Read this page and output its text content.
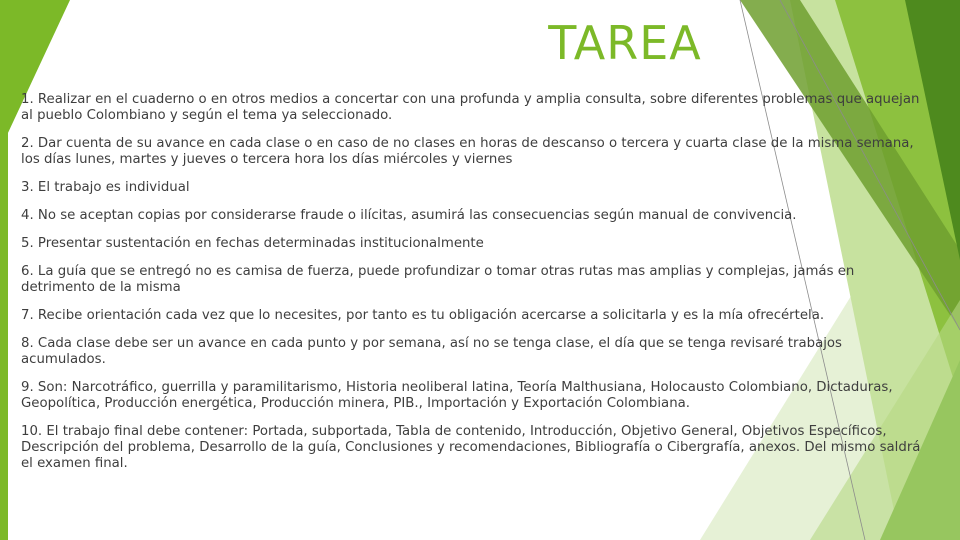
TAREA
1. Realizar en el cuaderno o en otros medios a concertar con una profunda y amplia consulta, sobre diferentes problemas que aquejan al pueblo Colombiano y según el tema ya seleccionado.
2. Dar cuenta de su avance en cada clase o en caso de no clases en horas de descanso o tercera y cuarta clase de la misma semana, los días lunes, martes y jueves o tercera hora los días miércoles y viernes
3. El trabajo es individual
4. No se aceptan copias por considerarse fraude o ilícitas, asumirá las consecuencias según manual de convivencia.
5. Presentar sustentación en fechas determinadas institucionalmente
6. La guía que se entregó no es camisa de fuerza, puede profundizar o tomar otras rutas mas amplias y complejas, jamás en detrimento de la misma
7. Recibe orientación cada vez que lo necesites, por tanto es tu obligación acercarse a solicitarla y es la mía ofrecértela.
8. Cada clase debe ser un avance en cada punto y por semana, así no se tenga clase, el día que se tenga revisaré trabajos acumulados.
9. Son: Narcotráfico, guerrilla y paramilitarismo, Historia neoliberal latina, Teoría Malthusiana, Holocausto Colombiano, Dictaduras, Geopolítica, Producción energética, Producción minera, PIB., Importación y Exportación Colombiana.
10. El trabajo final debe contener: Portada, subportada, Tabla de contenido, Introducción, Objetivo General, Objetivos Específicos, Descripción del problema, Desarrollo de la guía, Conclusiones y recomendaciones, Bibliografía o Cibergrafía, anexos. Del mismo saldrá el examen final.
